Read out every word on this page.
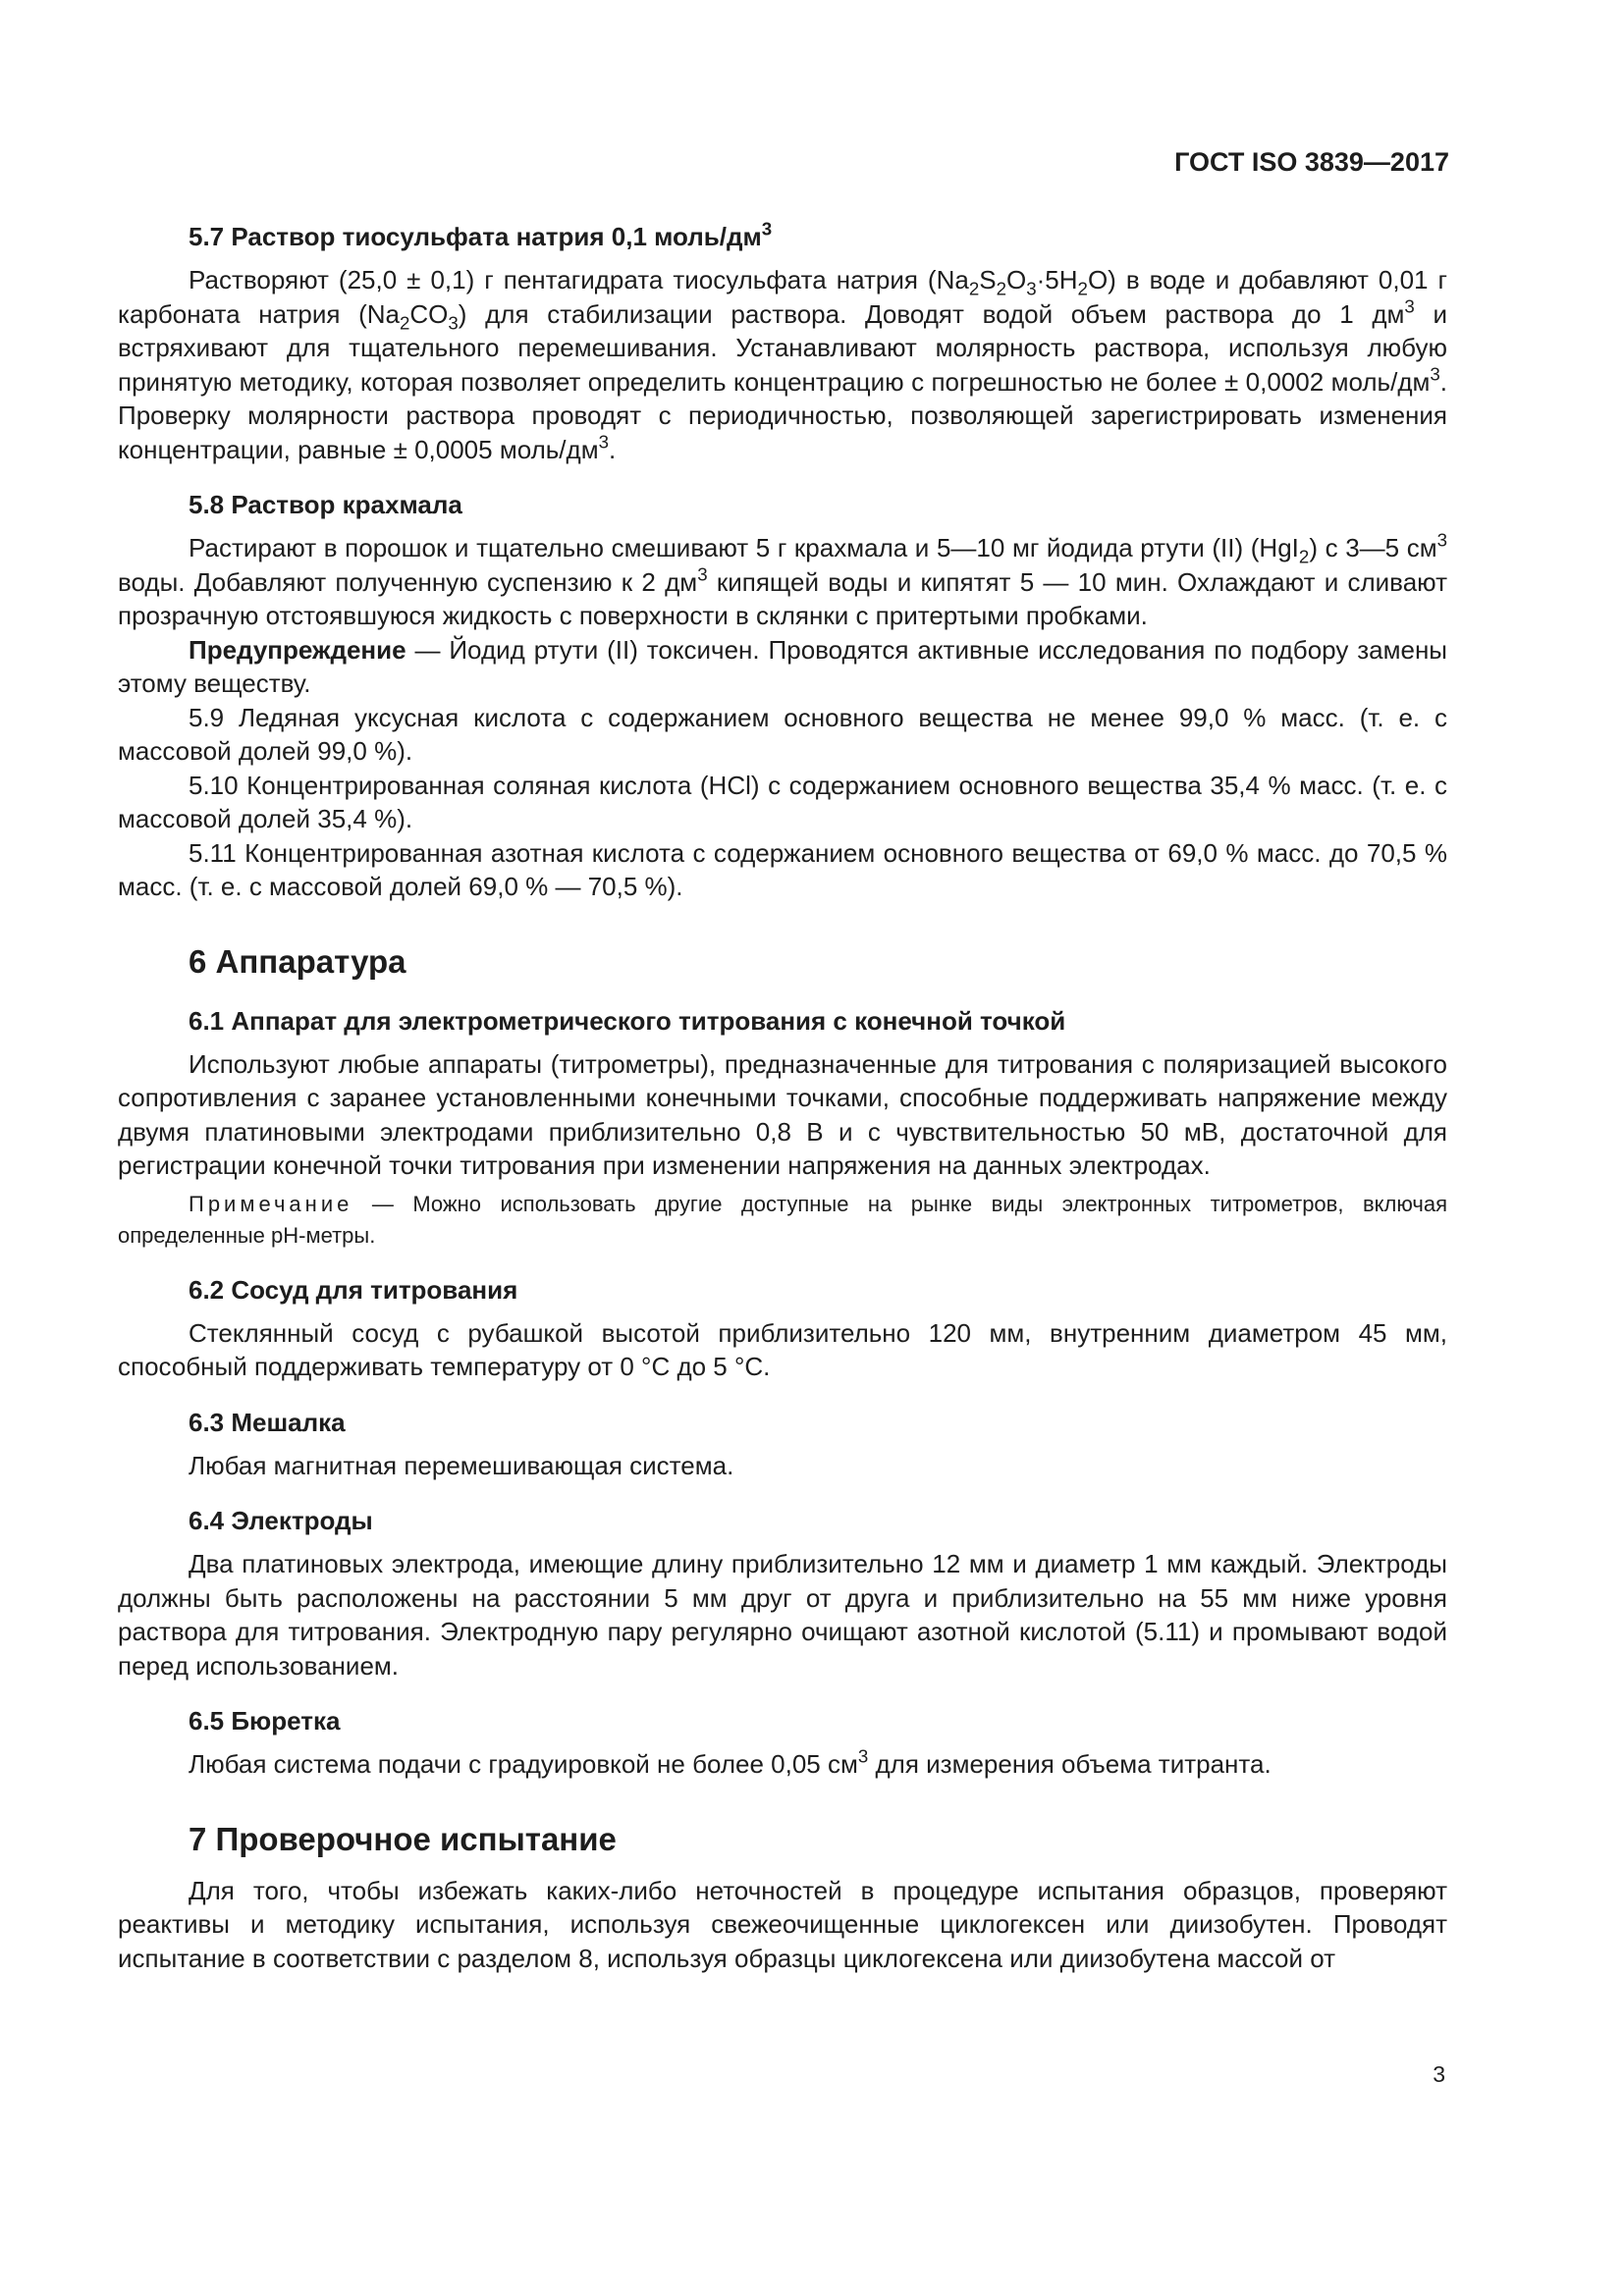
ГОСТ ISO 3839—2017
5.7 Раствор тиосульфата натрия 0,1 моль/$дм^3$
Растворяют (25,0 ± 0,1) г пентагидрата тиосульфата натрия $(Na_2S_2O_3\cdot 5H_2O)$ в воде и добавляют 0,01 г карбоната натрия $(Na_2CO_3)$ для стабилизации раствора. Доводят водой объем раствора до 1 $дм^3$ и встряхивают для тщательного перемешивания. Устанавливают молярность раствора, используя любую принятую методику, которая позволяет определить концентрацию с погрешностью не более ± 0,0002 моль/$дм^3$. Проверку молярности раствора проводят с периодичностью, позволяющей зарегистрировать изменения концентрации, равные ± 0,0005 моль/$дм^3$.
5.8 Раствор крахмала
Растирают в порошок и тщательно смешивают 5 г крахмала и 5—10 мг йодида ртути (II) (HgI$_2$) с 3—5 $см^3$ воды. Добавляют полученную суспензию к 2 $дм^3$ кипящей воды и кипятят 5 — 10 мин. Охлаждают и сливают прозрачную отстоявшуюся жидкость с поверхности в склянки с притертыми пробками.
Предупреждение — Йодид ртути (II) токсичен. Проводятся активные исследования по подбору замены этому веществу.
5.9 Ледяная уксусная кислота с содержанием основного вещества не менее 99,0 % масс. (т. е. с массовой долей 99,0 %).
5.10 Концентрированная соляная кислота (HCl) с содержанием основного вещества 35,4 % масс. (т. е. с массовой долей 35,4 %).
5.11 Концентрированная азотная кислота с содержанием основного вещества от 69,0 % масс. до 70,5 % масс. (т. е. с массовой долей 69,0 % — 70,5 %).
6 Аппаратура
6.1 Аппарат для электрометрического титрования с конечной точкой
Используют любые аппараты (титрометры), предназначенные для титрования с поляризацией высокого сопротивления с заранее установленными конечными точками, способные поддерживать напряжение между двумя платиновыми электродами приблизительно 0,8 В и с чувствительностью 50 мВ, достаточной для регистрации конечной точки титрования при изменении напряжения на данных электродах.
Примечание — Можно использовать другие доступные на рынке виды электронных титрометров, включая определенные pH-метры.
6.2 Сосуд для титрования
Стеклянный сосуд с рубашкой высотой приблизительно 120 мм, внутренним диаметром 45 мм, способный поддерживать температуру от 0 °С до 5 °С.
6.3 Мешалка
Любая магнитная перемешивающая система.
6.4 Электроды
Два платиновых электрода, имеющие длину приблизительно 12 мм и диаметр 1 мм каждый. Электроды должны быть расположены на расстоянии 5 мм друг от друга и приблизительно на 55 мм ниже уровня раствора для титрования. Электродную пару регулярно очищают азотной кислотой (5.11) и промывают водой перед использованием.
6.5 Бюретка
Любая система подачи с градуировкой не более 0,05 $см^3$ для измерения объема титранта.
7 Проверочное испытание
Для того, чтобы избежать каких-либо неточностей в процедуре испытания образцов, проверяют реактивы и методику испытания, используя свежеочищенные циклогексен или диизобутен. Проводят испытание в соответствии с разделом 8, используя образцы циклогексена или диизобутена массой от
3
